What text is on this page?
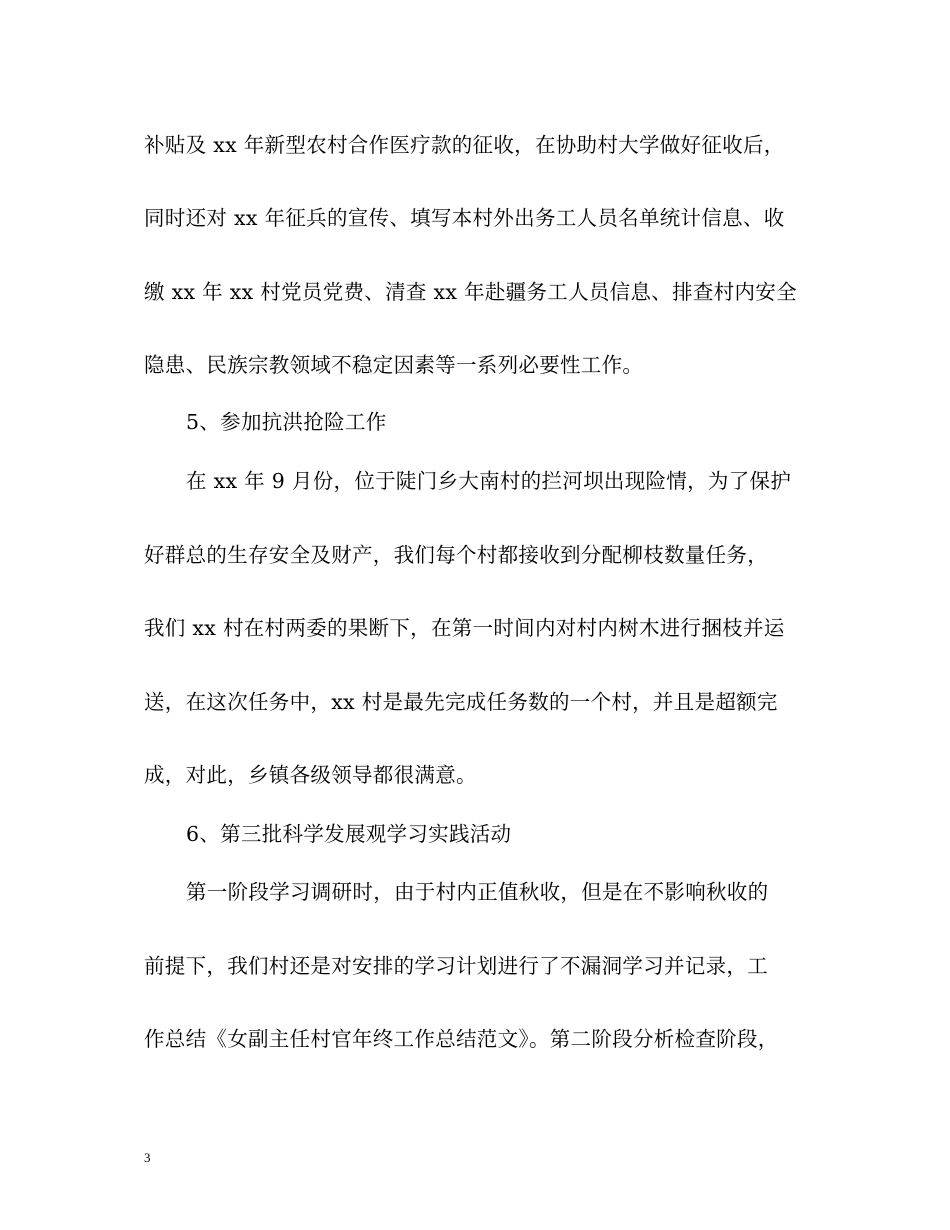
补贴及 xx 年新型农村合作医疗款的征收，在协助村大学做好征收后，
同时还对 xx 年征兵的宣传、填写本村外出务工人员名单统计信息、收
缴 xx 年 xx 村党员党费、清查 xx 年赴疆务工人员信息、排查村内安全
隐患、民族宗教领域不稳定因素等一系列必要性工作。
5、参加抗洪抢险工作
在 xx 年 9 月份，位于陡门乡大南村的拦河坝出现险情，为了保护
好群总的生存安全及财产，我们每个村都接收到分配柳枝数量任务，
我们 xx 村在村两委的果断下，在第一时间内对村内树木进行捆枝并运
送，在这次任务中，xx 村是最先完成任务数的一个村，并且是超额完
成，对此，乡镇各级领导都很满意。
6、第三批科学发展观学习实践活动
第一阶段学习调研时，由于村内正值秋收，但是在不影响秋收的
前提下，我们村还是对安排的学习计划进行了不漏洞学习并记录，工
作总结《女副主任村官年终工作总结范文》。第二阶段分析检查阶段，
3
